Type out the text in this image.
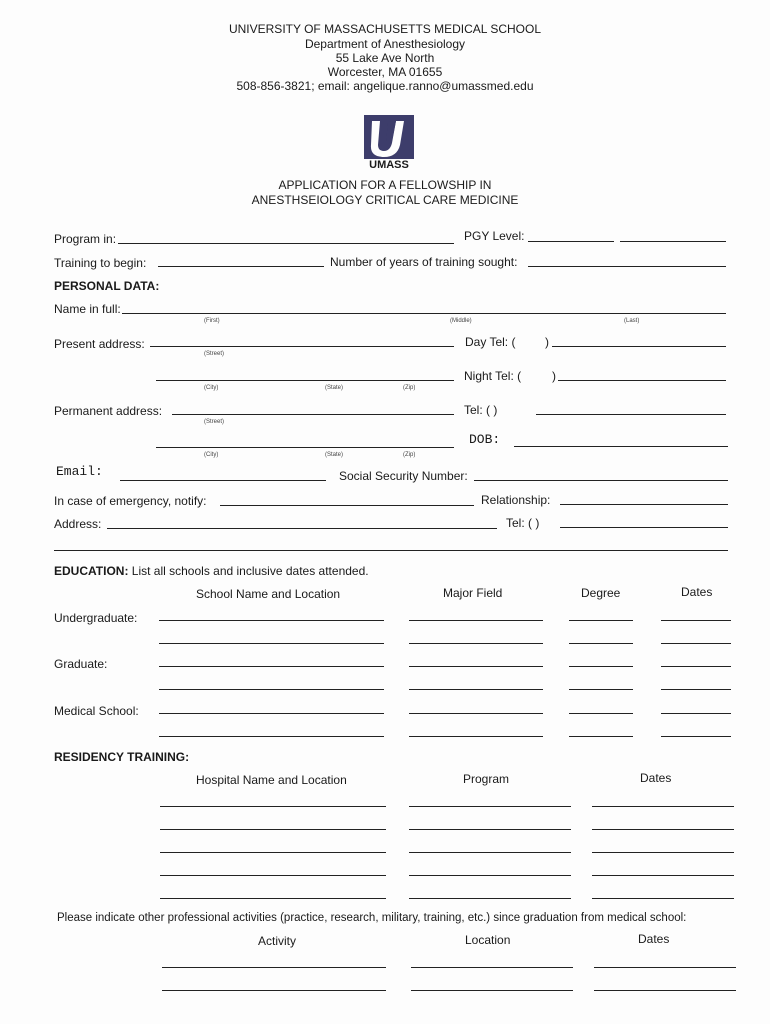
UNIVERSITY OF MASSACHUSETTS MEDICAL SCHOOL
Department of Anesthesiology
55 Lake Ave North
Worcester, MA 01655
508-856-3821; email: angelique.ranno@umassmed.edu
UMASS
APPLICATION FOR A FELLOWSHIP IN
ANESTHSEIOLOGY CRITICAL CARE MEDICINE
Program in:	PGY Level:
Training to begin:	Number of years of training sought:
PERSONAL DATA:
Name in full:
(First)	(Middle)	(Last)
Present address:
(Street)
Day Tel: ( )
Night Tel: (	)
(City)	(State)	(Zip)
Permanent address:
(Street)
Tel: ( )
DOB:
(City)	(State)	(Zip)
Email:	Social Security Number:
In case of emergency, notify:	Relationship:
Address:	Tel: ( )
EDUCATION: List all schools and inclusive dates attended.
School Name and Location	Major Field	Degree	Dates
Undergraduate:
Graduate:
Medical School:
RESIDENCY TRAINING:
Hospital Name and Location	Program	Dates
Please indicate other professional activities (practice, research, military, training, etc.) since graduation from medical school:
Activity	Location	Dates
